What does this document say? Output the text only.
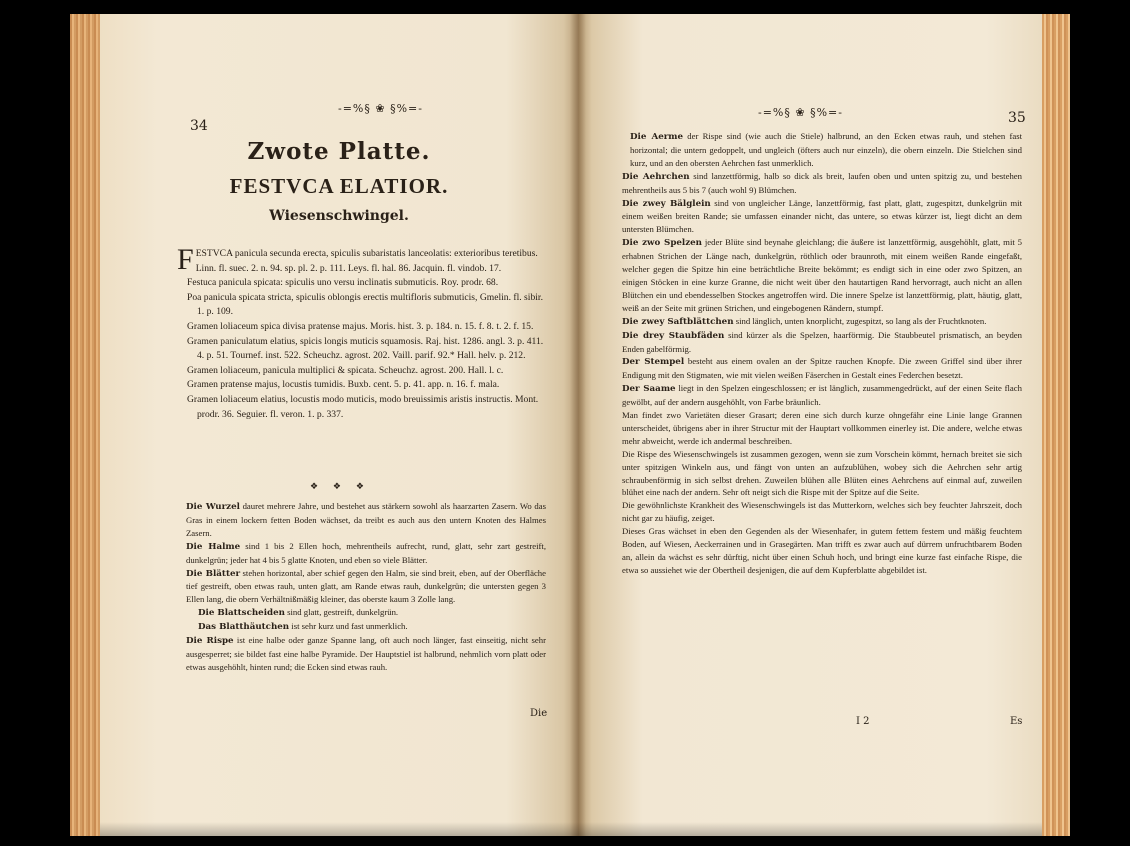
34
-=%§ ❀ §%=-
Zwote Platte.
FESTVCA ELATIOR.
Wiesenschwingel.

FESTVCA panicula secunda erecta, spiculis subaristatis lanceolatis: exterioribus teretibus. Linn. fl. suec. 2. n. 94. sp. pl. 2. p. 111. Leys. fl. hal. 86. Jacquin. fl. vindob. 17.

Festuca panicula spicata: spiculis uno versu inclinatis submuticis. Roy. prodr. 68.

Poa panicula spicata stricta, spiculis oblongis erectis multifloris submuticis, Gmelin. fl. sibir. 1. p. 109.

Gramen loliaceum spica divisa pratense majus. Moris. hist. 3. p. 184. n. 15. f. 8. t. 2. f. 15.

Gramen paniculatum elatius, spicis longis muticis squamosis. Raj. hist. 1286. angl. 3. p. 411. 4. p. 51. Tournef. inst. 522. Scheuchz. agrost. 202. Vaill. parif. 92.* Hall. helv. p. 212.

Gramen loliaceum, panicula multiplici & spicata. Scheuchz. agrost. 200. Hall. l. c.

Gramen pratense majus, locustis tumidis. Buxb. cent. 5. p. 41. app. n. 16. f. mala.

Gramen loliaceum elatius, locustis modo muticis, modo breuissimis aristis instructis. Mont. prodr. 36. Seguier. fl. veron. 1. p. 337.

❖ ❖ ❖

Die Wurzel dauret mehrere Jahre, und bestehet aus stärkern sowohl als haarzarten Zasern. Wo das Gras in einem lockern fetten Boden wächset, da treibt es auch aus den untern Knoten des Halmes Zasern.

Die Halme sind 1 bis 2 Ellen hoch, mehrentheils aufrecht, rund, glatt, sehr zart gestreift, dunkelgrün; jeder hat 4 bis 5 glatte Knoten, und eben so viele Blätter.

Die Blätter stehen horizontal, aber schief gegen den Halm, sie sind breit, eben, auf der Oberfläche tief gestreift, oben etwas rauh, unten glatt, am Rande etwas rauh, dunkelgrün; die untersten gegen 3 Ellen lang, die obern Verhältnißmäßig kleiner, das oberste kaum 3 Zolle lang.

Die Blattscheiden sind glatt, gestreift, dunkelgrün.

Das Blatthäutchen ist sehr kurz und fast unmerklich.

Die Rispe ist eine halbe oder ganze Spanne lang, oft auch noch länger, fast einseitig, nicht sehr ausgesperret; sie bildet fast eine halbe Pyramide. Der Hauptstiel ist halbrund, nehmlich vorn platt oder etwas ausgehöhlt, hinten rund; die Ecken sind etwas rauh.

Die
-=%§ ❀ §%=-	35

Die Aerme der Rispe sind (wie auch die Stiele) halbrund, an den Ecken etwas rauh, und stehen fast horizontal; die untern gedoppelt, und ungleich (öfters auch nur einzeln), die obern einzeln. Die Stielchen sind kurz, und an den obersten Aehrchen fast unmerklich.

Die Aehrchen sind lanzettförmig, halb so dick als breit, laufen oben und unten spitzig zu, und bestehen mehrentheils aus 5 bis 7 (auch wohl 9) Blümchen.

Die zwey Bälglein sind von ungleicher Länge, lanzettförmig, fast platt, glatt, zugespitzt, dunkelgrün mit einem weißen breiten Rande; sie umfassen einander nicht, das untere, so etwas kürzer ist, liegt dicht an dem untersten Blümchen.

Die zwo Spelzen jeder Blüte sind beynahe gleichlang; die äußere ist lanzettförmig, ausgehöhlt, glatt, mit 5 erhabnen Strichen der Länge nach, dunkelgrün, röthlich oder braunroth, mit einem weißen Rande eingefaßt, welcher gegen die Spitze hin eine beträchtliche Breite bekömmt; es endigt sich in eine oder zwo Spitzen, an einigen Stöcken in eine kurze Granne, die nicht weit über den hautartigen Rand hervorragt, auch nicht an allen Blütchen ein und ebendesselben Stockes angetroffen wird. Die innere Spelze ist lanzettförmig, platt, häutig, glatt, weiß an der Seite mit grünen Strichen, und eingebogenen Rändern, stumpf.

Die zwey Saftblättchen sind länglich, unten knorplicht, zugespitzt, so lang als der Fruchtknoten.

Die drey Staubfäden sind kürzer als die Spelzen, haarförmig. Die Staubbeutel prismatisch, an beyden Enden gabelförmig.

Der Stempel besteht aus einem ovalen an der Spitze rauchen Knopfe. Die zween Griffel sind über ihrer Endigung mit den Stigmaten, wie mit vielen weißen Fäserchen in Gestalt eines Federchen besetzt.

Der Saame liegt in den Spelzen eingeschlossen; er ist länglich, zusammengedrückt, auf der einen Seite flach gewölbt, auf der andern ausgehöhlt, von Farbe bräunlich.

Man findet zwo Varietäten dieser Grasart; deren eine sich durch kurze ohngefähr eine Linie lange Grannen unterscheidet, übrigens aber in ihrer Structur mit der Hauptart vollkommen einerley ist. Die andere, welche etwas mehr abweicht, werde ich andermal beschreiben.

Die Rispe des Wiesenschwingels ist zusammen gezogen, wenn sie zum Vorschein kömmt, hernach breitet sie sich unter spitzigen Winkeln aus, und fängt von unten an aufzublühen, wobey sich die Aehrchen sehr artig schraubenförmig in sich selbst drehen. Zuweilen blühen alle Blüten eines Aehrchens auf einmal auf, zuweilen blühet eine nach der andern. Sehr oft neigt sich die Rispe mit der Spitze auf die Seite.

Die gewöhnlichste Krankheit des Wiesenschwingels ist das Mutterkorn, welches sich bey feuchter Jahrszeit, doch nicht gar zu häufig, zeiget.

Dieses Gras wächset in eben den Gegenden als der Wiesenhafer, in gutem fettem festem und mäßig feuchtem Boden, auf Wiesen, Aeckerrainen und in Grasegärten. Man trifft es zwar auch auf dürrem unfruchtbarem Boden an, allein da wächst es sehr dürftig, nicht über einen Schuh hoch, und bringt eine kurze fast einfache Rispe, die etwa so aussiehet wie der Obertheil desjenigen, die auf dem Kupferblatte abgebildet ist.

I 2	Es
